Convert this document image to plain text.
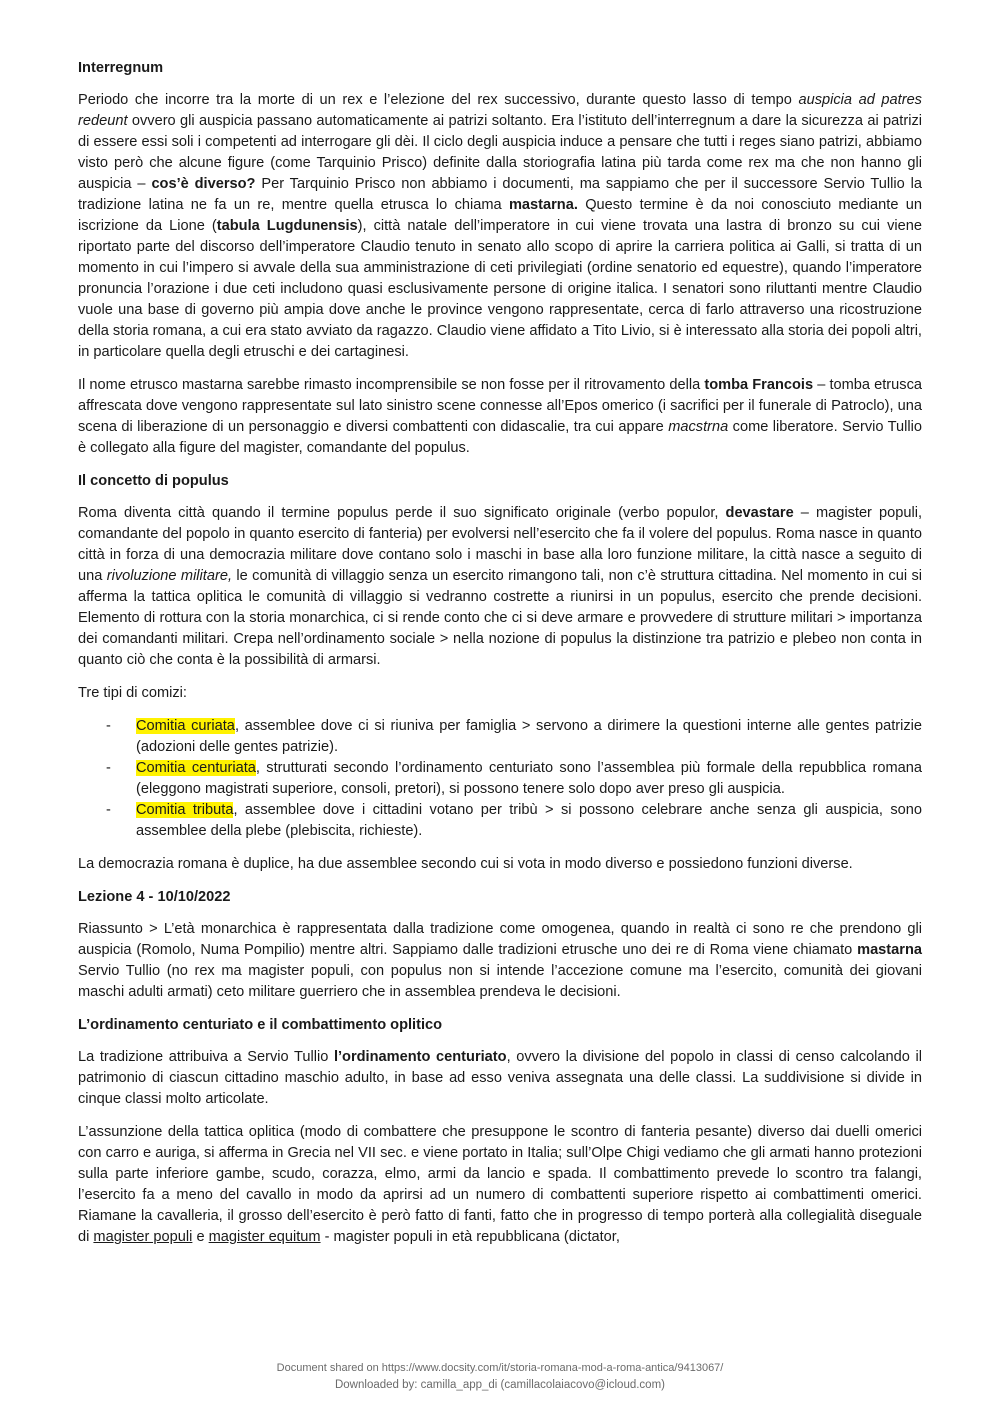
Interregnum

Periodo che incorre tra la morte di un rex e l’elezione del rex successivo, durante questo lasso di tempo auspicia ad patres redeunt ovvero gli auspicia passano automaticamente ai patrizi soltanto. Era l’istituto dell’interregnum a dare la sicurezza ai patrizi di essere essi soli i competenti ad interrogare gli dèi. Il ciclo degli auspicia induce a pensare che tutti i reges siano patrizi, abbiamo visto però che alcune figure (come Tarquinio Prisco) definite dalla storiografia latina più tarda come rex ma che non hanno gli auspicia – cos’è diverso? Per Tarquinio Prisco non abbiamo i documenti, ma sappiamo che per il successore Servio Tullio la tradizione latina ne fa un re, mentre quella etrusca lo chiama mastarna. Questo termine è da noi conosciuto mediante un iscrizione da Lione (tabula Lugdunensis), città natale dell’imperatore in cui viene trovata una lastra di bronzo su cui viene riportato parte del discorso dell’imperatore Claudio tenuto in senato allo scopo di aprire la carriera politica ai Galli, si tratta di un momento in cui l’impero si avvale della sua amministrazione di ceti privilegiati (ordine senatorio ed equestre), quando l’imperatore pronuncia l’orazione i due ceti includono quasi esclusivamente persone di origine italica. I senatori sono riluttanti mentre Claudio vuole una base di governo più ampia dove anche le province vengono rappresentate, cerca di farlo attraverso una ricostruzione della storia romana, a cui era stato avviato da ragazzo. Claudio viene affidato a Tito Livio, si è interessato alla storia dei popoli altri, in particolare quella degli etruschi e dei cartaginesi.

Il nome etrusco mastarna sarebbe rimasto incomprensibile se non fosse per il ritrovamento della tomba Francois – tomba etrusca affrescata dove vengono rappresentate sul lato sinistro scene connesse all’Epos omerico (i sacrifici per il funerale di Patroclo), una scena di liberazione di un personaggio e diversi combattenti con didascalie, tra cui appare macstrna come liberatore. Servio Tullio è collegato alla figure del magister, comandante del populus.

Il concetto di populus

Roma diventa città quando il termine populus perde il suo significato originale (verbo populor, devastare – magister populi, comandante del popolo in quanto esercito di fanteria) per evolversi nell’esercito che fa il volere del populus. Roma nasce in quanto città in forza di una democrazia militare dove contano solo i maschi in base alla loro funzione militare, la città nasce a seguito di una rivoluzione militare, le comunità di villaggio senza un esercito rimangono tali, non c’è struttura cittadina. Nel momento in cui si afferma la tattica oplitica le comunità di villaggio si vedranno costrette a riunirsi in un populus, esercito che prende decisioni. Elemento di rottura con la storia monarchica, ci si rende conto che ci si deve armare e provvedere di strutture militari > importanza dei comandanti militari. Crepa nell’ordinamento sociale > nella nozione di populus la distinzione tra patrizio e plebeo non conta in quanto ciò che conta è la possibilità di armarsi.

Tre tipi di comizi:

- Comitia curiata, assemblee dove ci si riuniva per famiglia > servono a dirimere la questioni interne alle gentes patrizie (adozioni delle gentes patrizie).
- Comitia centuriata, strutturati secondo l’ordinamento centuriato sono l’assemblea più formale della repubblica romana (eleggono magistrati superiore, consoli, pretori), si possono tenere solo dopo aver preso gli auspicia.
- Comitia tributa, assemblee dove i cittadini votano per tribù > si possono celebrare anche senza gli auspicia, sono assemblee della plebe (plebiscita, richieste).

La democrazia romana è duplice, ha due assemblee secondo cui si vota in modo diverso e possiedono funzioni diverse.

Lezione 4 - 10/10/2022

Riassunto > L’età monarchica è rappresentata dalla tradizione come omogenea, quando in realtà ci sono re che prendono gli auspicia (Romolo, Numa Pompilio) mentre altri. Sappiamo dalle tradizioni etrusche uno dei re di Roma viene chiamato mastarna Servio Tullio (no rex ma magister populi, con populus non si intende l’accezione comune ma l’esercito, comunità dei giovani maschi adulti armati) ceto militare guerriero che in assemblea prendeva le decisioni.

L’ordinamento centuriato e il combattimento oplitico

La tradizione attribuiva a Servio Tullio l’ordinamento centuriato, ovvero la divisione del popolo in classi di censo calcolando il patrimonio di ciascun cittadino maschio adulto, in base ad esso veniva assegnata una delle classi. La suddivisione si divide in cinque classi molto articolate.

L’assunzione della tattica oplitica (modo di combattere che presuppone le scontro di fanteria pesante) diverso dai duelli omerici con carro e auriga, si afferma in Grecia nel VII sec. e viene portato in Italia; sull’Olpe Chigi vediamo che gli armati hanno protezioni sulla parte inferiore gambe, scudo, corazza, elmo, armi da lancio e spada. Il combattimento prevede lo scontro tra falangi, l’esercito fa a meno del cavallo in modo da aprirsi ad un numero di combattenti superiore rispetto ai combattimenti omerici. Riamane la cavalleria, il grosso dell’esercito è però fatto di fanti, fatto che in progresso di tempo porterà alla collegialità diseguale di magister populi e magister equitum - magister populi in età repubblicana (dictator,

Document shared on https://www.docsity.com/it/storia-romana-mod-a-roma-antica/9413067/
Downloaded by: camilla_app_di (camillacolaiacovo@icloud.com)
